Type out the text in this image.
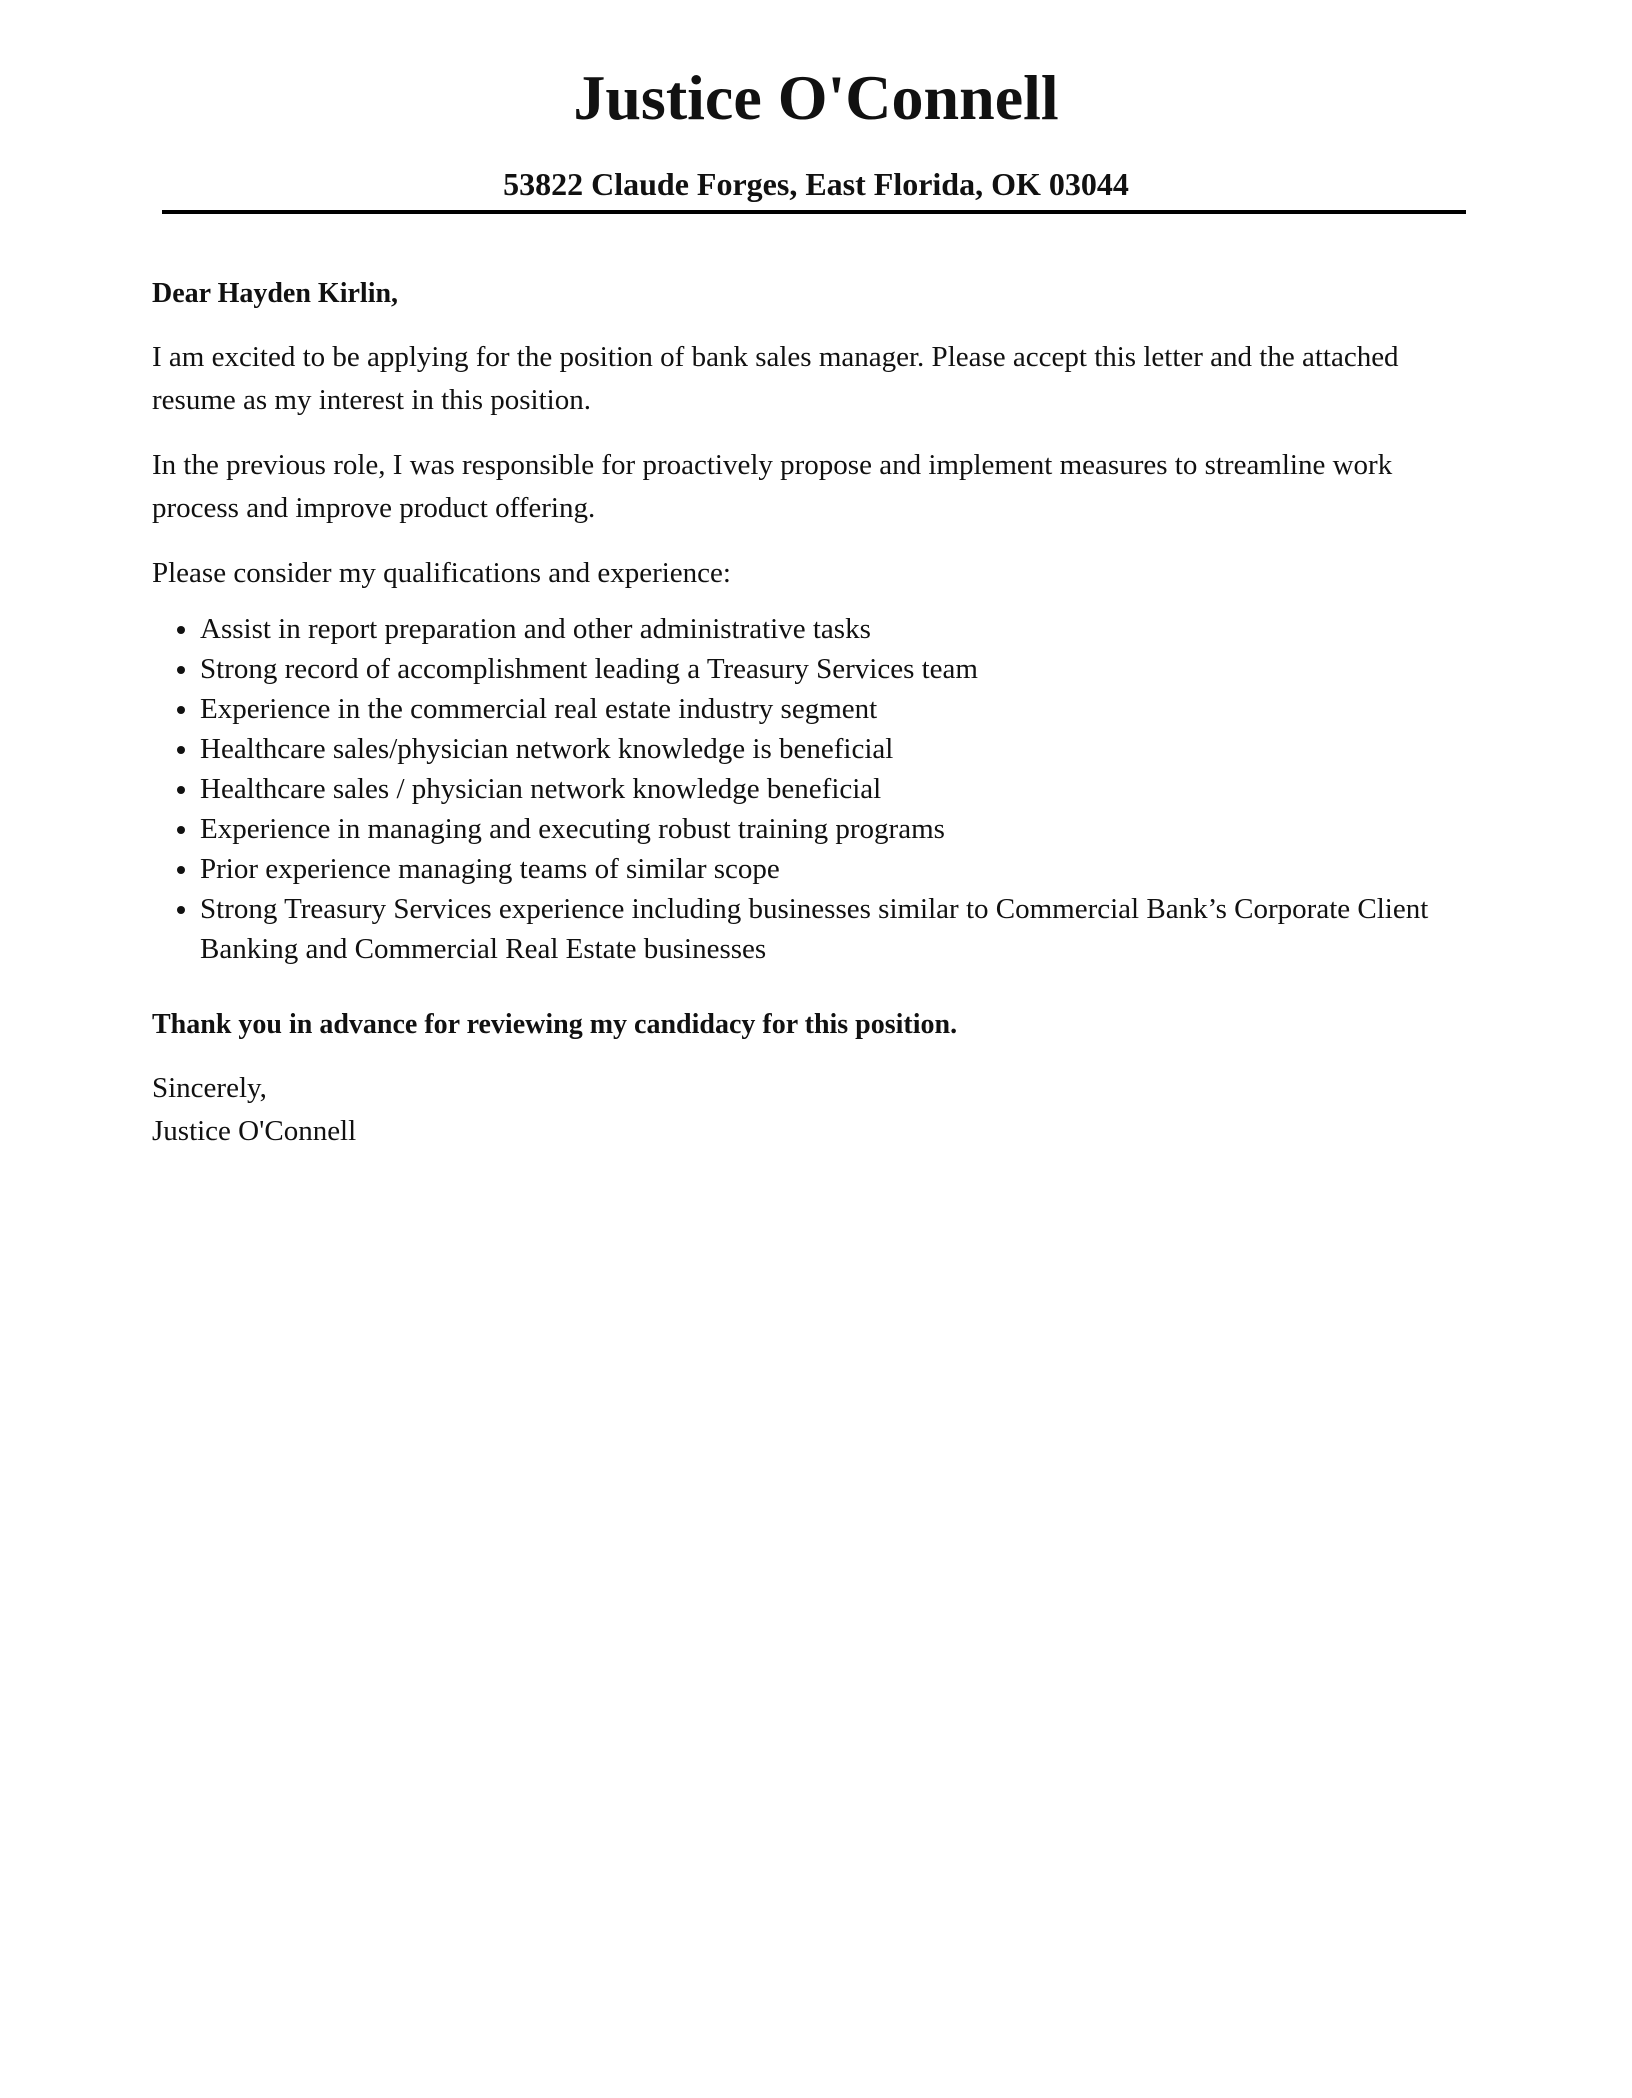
Justice O'Connell
53822 Claude Forges, East Florida, OK 03044

Dear Hayden Kirlin,

I am excited to be applying for the position of bank sales manager. Please accept this letter and the attached resume as my interest in this position.

In the previous role, I was responsible for proactively propose and implement measures to streamline work process and improve product offering.

Please consider my qualifications and experience:

• Assist in report preparation and other administrative tasks
• Strong record of accomplishment leading a Treasury Services team
• Experience in the commercial real estate industry segment
• Healthcare sales/physician network knowledge is beneficial
• Healthcare sales / physician network knowledge beneficial
• Experience in managing and executing robust training programs
• Prior experience managing teams of similar scope
• Strong Treasury Services experience including businesses similar to Commercial Bank’s Corporate Client Banking and Commercial Real Estate businesses

Thank you in advance for reviewing my candidacy for this position.

Sincerely,

Justice O'Connell
